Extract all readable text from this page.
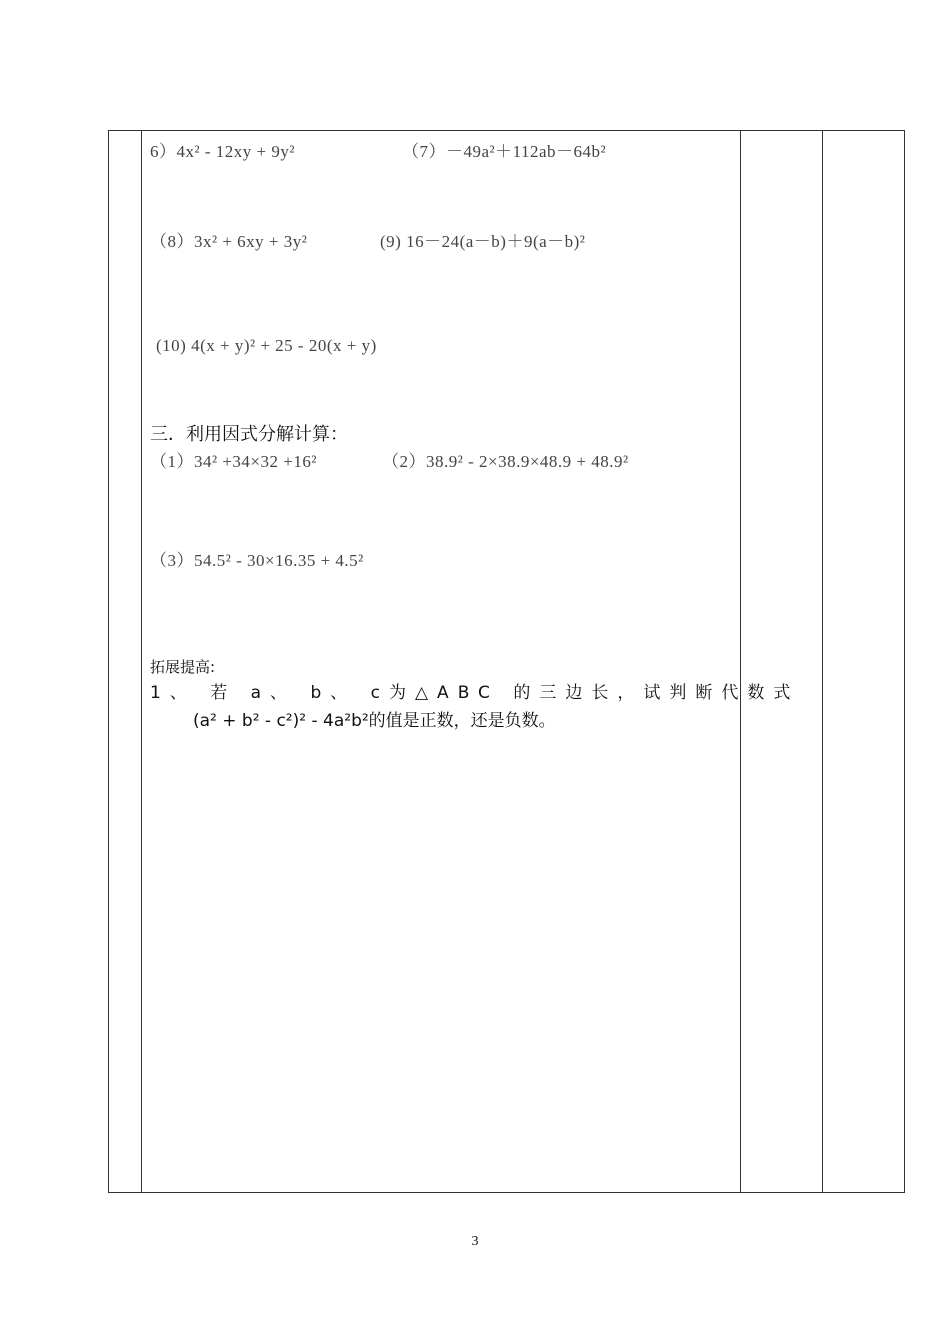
6）4x² - 12xy + 9y²	（7）－49a²＋112ab－64b²
（8）3x² + 6xy + 3y²	(9) 16－24(a－b)＋9(a－b)²
(10) 4(x + y)² + 25 - 20(x + y)
三．利用因式分解计算：
（1）34² +34×32 +16²	（2）38.9² - 2×38.9×48.9 + 48.9²
（3）54.5² - 30×16.35 + 4.5²
拓展提高:
1、 若 a、 b、 c为△ABC 的三边长，试判断代数式
(a² + b² - c²)² - 4a²b²的值是正数，还是负数。
3
